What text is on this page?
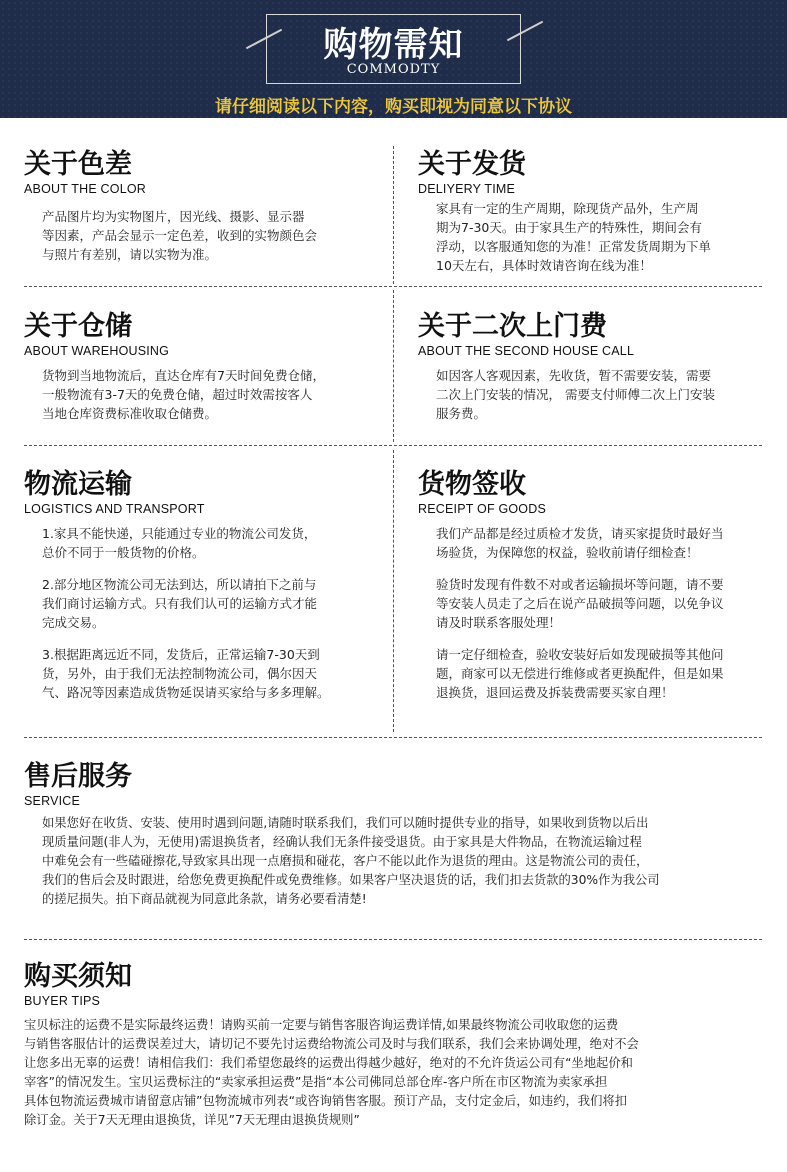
购物需知
COMMODTY
请仔细阅读以下内容，购买即视为同意以下协议
关于色差
ABOUT THE COLOR

产品图片均为实物图片，因光线、摄影、显示器
等因素，产品会显示一定色差，收到的实物颜色会
与照片有差别，请以实物为准。

关于发货
DELIYERY TIME

家具有一定的生产周期，除现货产品外，生产周
期为7-30天。由于家具生产的特殊性，期间会有
浮动，以客服通知您的为准！正常发货周期为下单
10天左右，具体时效请咨询在线为准！

关于仓储
ABOUT WAREHOUSING

货物到当地物流后，直达仓库有7天时间免费仓储，
一般物流有3-7天的免费仓储，超过时效需按客人
当地仓库资费标准收取仓储费。

关于二次上门费
ABOUT THE SECOND HOUSE CALL

如因客人客观因素，先收货，暂不需要安装，需要
二次上门安装的情况， 需要支付师傅二次上门安装
服务费。

物流运输
LOGISTICS AND TRANSPORT

1.家具不能快递，只能通过专业的物流公司发货，
总价不同于一般货物的价格。

2.部分地区物流公司无法到达，所以请拍下之前与
我们商讨运输方式。只有我们认可的运输方式才能
完成交易。

3.根据距离远近不同，发货后，正常运输7-30天到
货，另外，由于我们无法控制物流公司，偶尔因天
气、路况等因素造成货物延误请买家给与多多理解。

货物签收
RECEIPT OF GOODS

我们产品都是经过质检才发货，请买家提货时最好当
场验货，为保障您的权益，验收前请仔细检查！

验货时发现有件数不对或者运输损坏等问题，请不要
等安装人员走了之后在说产品破损等问题，以免争议
请及时联系客服处理！

请一定仔细检查，验收安装好后如发现破损等其他问
题，商家可以无偿进行维修或者更换配件，但是如果
退换货，退回运费及拆装费需要买家自理！

售后服务
SERVICE

如果您好在收货、安装、使用时遇到问题,请随时联系我们，我们可以随时提供专业的指导，如果收到货物以后出
现质量问题(非人为，无使用)需退换货者，经确认我们无条件接受退货。由于家具是大件物品，在物流运输过程
中难免会有一些磕碰擦花,导致家具出现一点磨损和碰花，客户不能以此作为退货的理由。这是物流公司的责任，
我们的售后会及时跟进，给您免费更换配件或免费维修。如果客户坚决退货的话，我们扣去货款的30%作为我公司
的搓尼损失。拍下商品就视为同意此条款，请务必要看清楚!

购买须知
BUYER TIPS

宝贝标注的运费不是实际最终运费！请购买前一定要与销售客服咨询运费详情,如果最终物流公司收取您的运费
与销售客服估计的运费误差过大，请切记不要先讨运费给物流公司及时与我们联系，我们会来协调处理，绝对不会
让您多出无辜的运费！请相信我们：我们希望您最终的运费出得越少越好，绝对的不允许货运公司有“坐地起价和
宰客”的情况发生。宝贝运费标注的“卖家承担运费”是指“本公司佛同总部仓库-客户所在市区物流为卖家承担
具体包物流运费城市请留意店铺”包物流城市列表“或咨询销售客服。预订产品，支付定金后，如违约，我们将扣
除订金。关于7天无理由退换货，详见”7天无理由退换货规则”
